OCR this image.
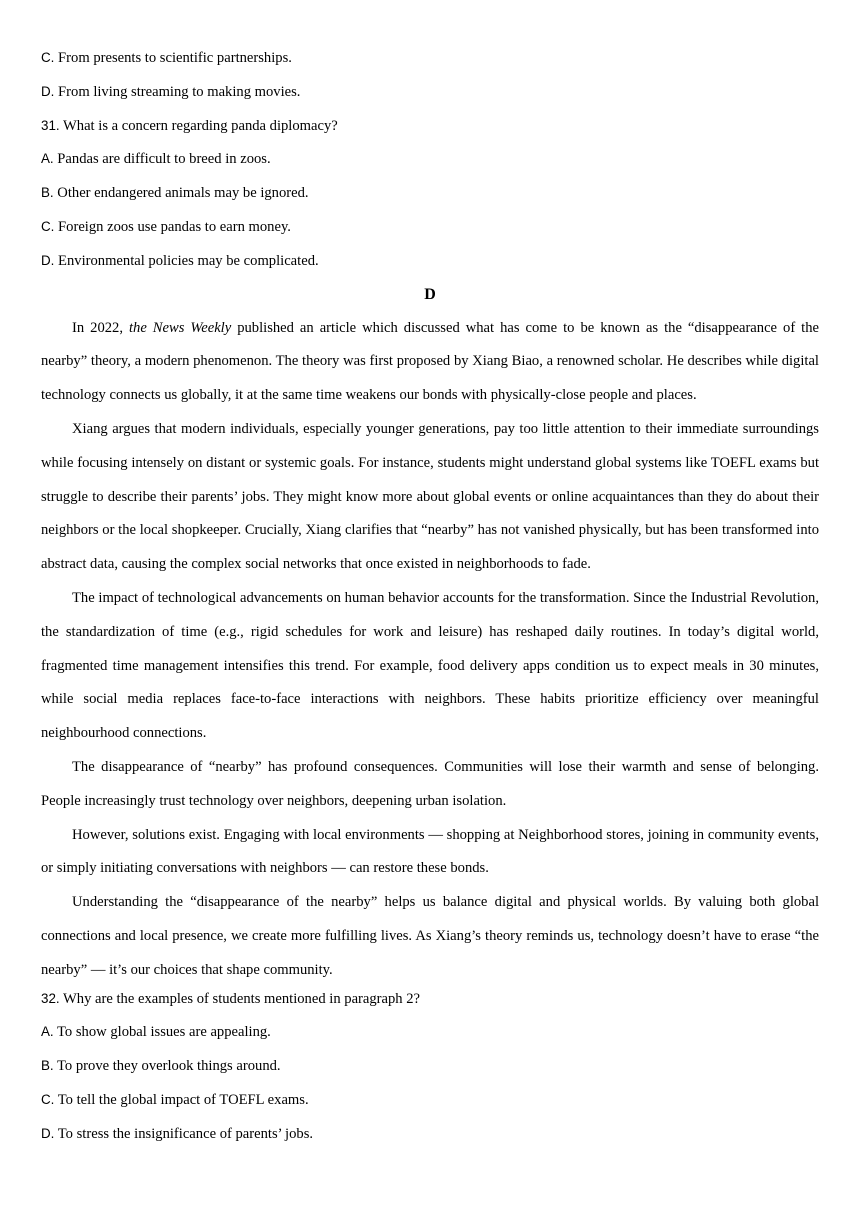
C. From presents to scientific partnerships.
D. From living streaming to making movies.
31. What is a concern regarding panda diplomacy?
A. Pandas are difficult to breed in zoos.
B. Other endangered animals may be ignored.
C. Foreign zoos use pandas to earn money.
D. Environmental policies may be complicated.
D

In 2022, the News Weekly published an article which discussed what has come to be known as the “disappearance of the nearby” theory, a modern phenomenon. The theory was first proposed by Xiang Biao, a renowned scholar. He describes while digital technology connects us globally, it at the same time weakens our bonds with physically-close people and places.

Xiang argues that modern individuals, especially younger generations, pay too little attention to their immediate surroundings while focusing intensely on distant or systemic goals. For instance, students might understand global systems like TOEFL exams but struggle to describe their parents’ jobs. They might know more about global events or online acquaintances than they do about their neighbors or the local shopkeeper. Crucially, Xiang clarifies that “nearby” has not vanished physically, but has been transformed into abstract data, causing the complex social networks that once existed in neighborhoods to fade.

The impact of technological advancements on human behavior accounts for the transformation. Since the Industrial Revolution, the standardization of time (e.g., rigid schedules for work and leisure) has reshaped daily routines. In today’s digital world, fragmented time management intensifies this trend. For example, food delivery apps condition us to expect meals in 30 minutes, while social media replaces face-to-face interactions with neighbors. These habits prioritize efficiency over meaningful neighbourhood connections.

The disappearance of “nearby” has profound consequences. Communities will lose their warmth and sense of belonging. People increasingly trust technology over neighbors, deepening urban isolation.

However, solutions exist. Engaging with local environments — shopping at Neighborhood stores, joining in community events, or simply initiating conversations with neighbors — can restore these bonds.

Understanding the “disappearance of the nearby” helps us balance digital and physical worlds. By valuing both global connections and local presence, we create more fulfilling lives. As Xiang’s theory reminds us, technology doesn’t have to erase “the nearby” — it’s our choices that shape community.

32. Why are the examples of students mentioned in paragraph 2?
A. To show global issues are appealing.
B. To prove they overlook things around.
C. To tell the global impact of TOEFL exams.
D. To stress the insignificance of parents’ jobs.
